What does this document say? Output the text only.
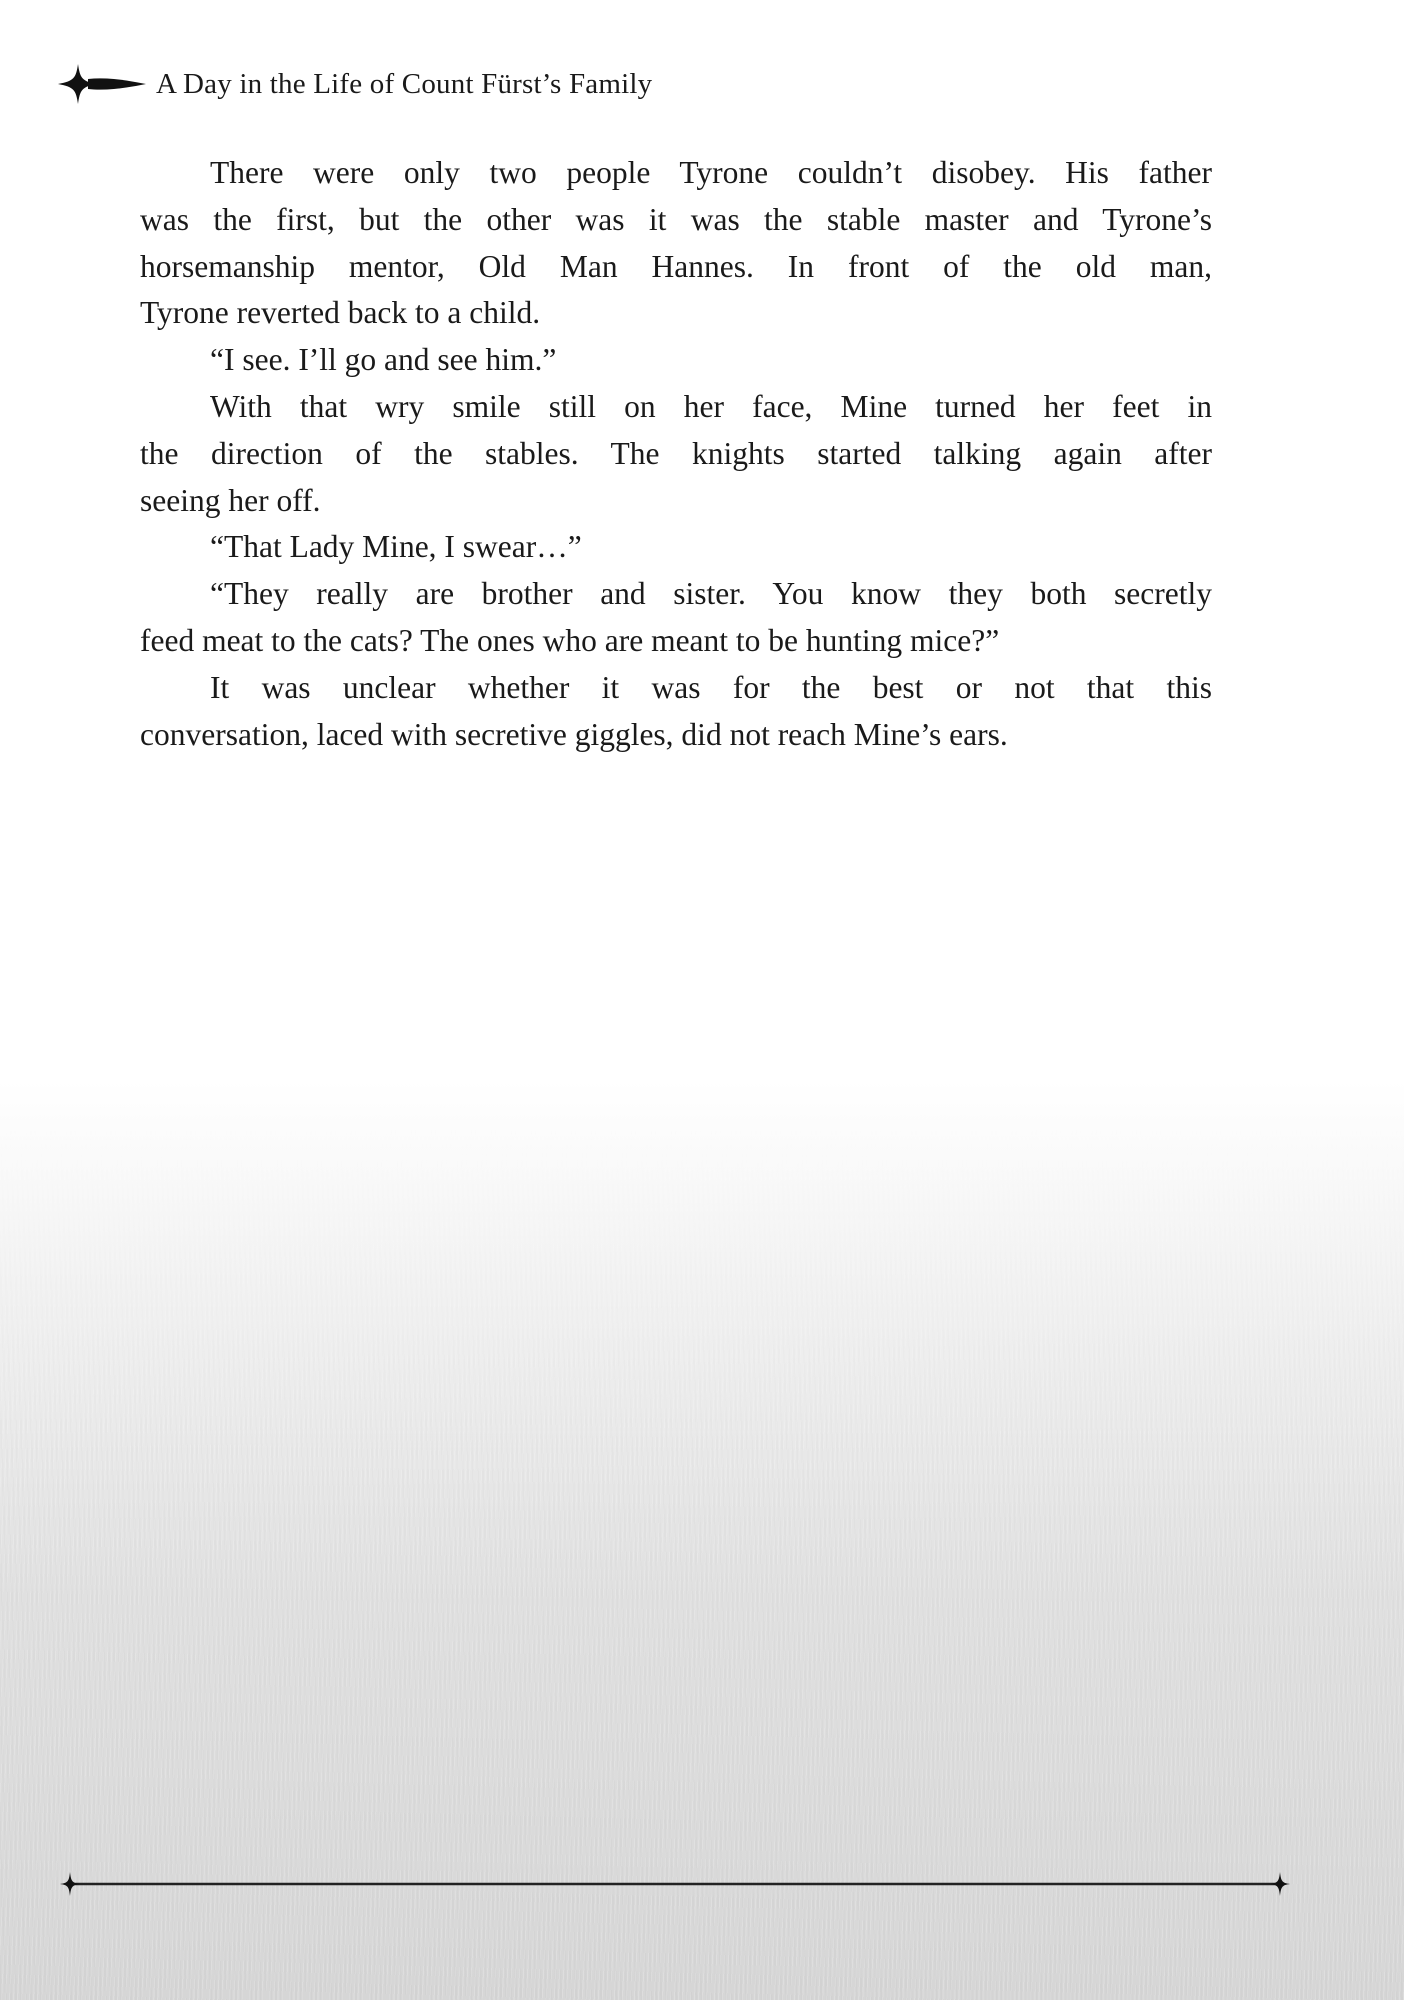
A Day in the Life of Count Fürst’s Family
There were only two people Tyrone couldn’t disobey. His father
was the first, but the other was it was the stable master and Tyrone’s
horsemanship mentor, Old Man Hannes. In front of the old man,
Tyrone reverted back to a child.
“I see. I’ll go and see him.”
With that wry smile still on her face, Mine turned her feet in
the direction of the stables. The knights started talking again after
seeing her off.
“That Lady Mine, I swear…”
“They really are brother and sister. You know they both secretly
feed meat to the cats? The ones who are meant to be hunting mice?”
It was unclear whether it was for the best or not that this
conversation, laced with secretive giggles, did not reach Mine’s ears.
